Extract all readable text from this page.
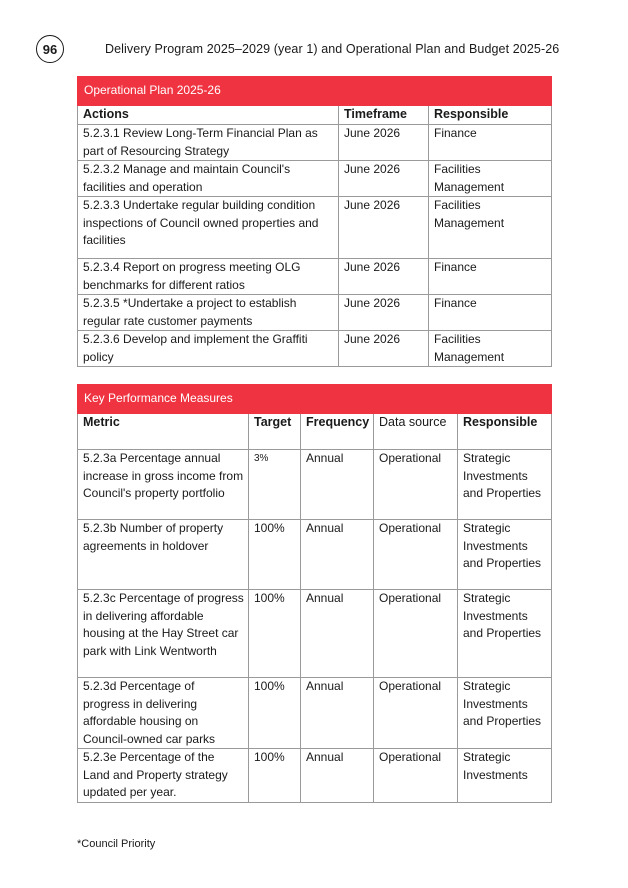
96	Delivery Program 2025–2029 (year 1) and Operational Plan and Budget 2025-26
Operational Plan 2025-26		
Actions	Timeframe	Responsible
5.2.3.1 Review Long-Term Financial Plan as part of Resourcing Strategy	June 2026	Finance
5.2.3.2 Manage and maintain Council's facilities and operation	June 2026	Facilities Management
5.2.3.3 Undertake regular building condition inspections of Council owned properties and facilities	June 2026	Facilities Management
5.2.3.4 Report on progress meeting OLG benchmarks for different ratios	June 2026	Finance
5.2.3.5 *Undertake a project to establish regular rate customer payments	June 2026	Finance
5.2.3.6 Develop and implement the Graffiti policy	June 2026	Facilities Management
Key Performance Measures				
Metric	Target	Frequency	Data source	Responsible
5.2.3a Percentage annual increase in gross income from Council's property portfolio	3%	Annual	Operational	Strategic Investments and Properties
5.2.3b Number of property agreements in holdover	100%	Annual	Operational	Strategic Investments and Properties
5.2.3c Percentage of progress in delivering affordable housing at the Hay Street car park with Link Wentworth	100%	Annual	Operational	Strategic Investments and Properties
5.2.3d Percentage of progress in delivering affordable housing on Council-owned car parks	100%	Annual	Operational	Strategic Investments and Properties
5.2.3e Percentage of the Land and Property strategy updated per year.	100%	Annual	Operational	Strategic Investments
*Council Priority
